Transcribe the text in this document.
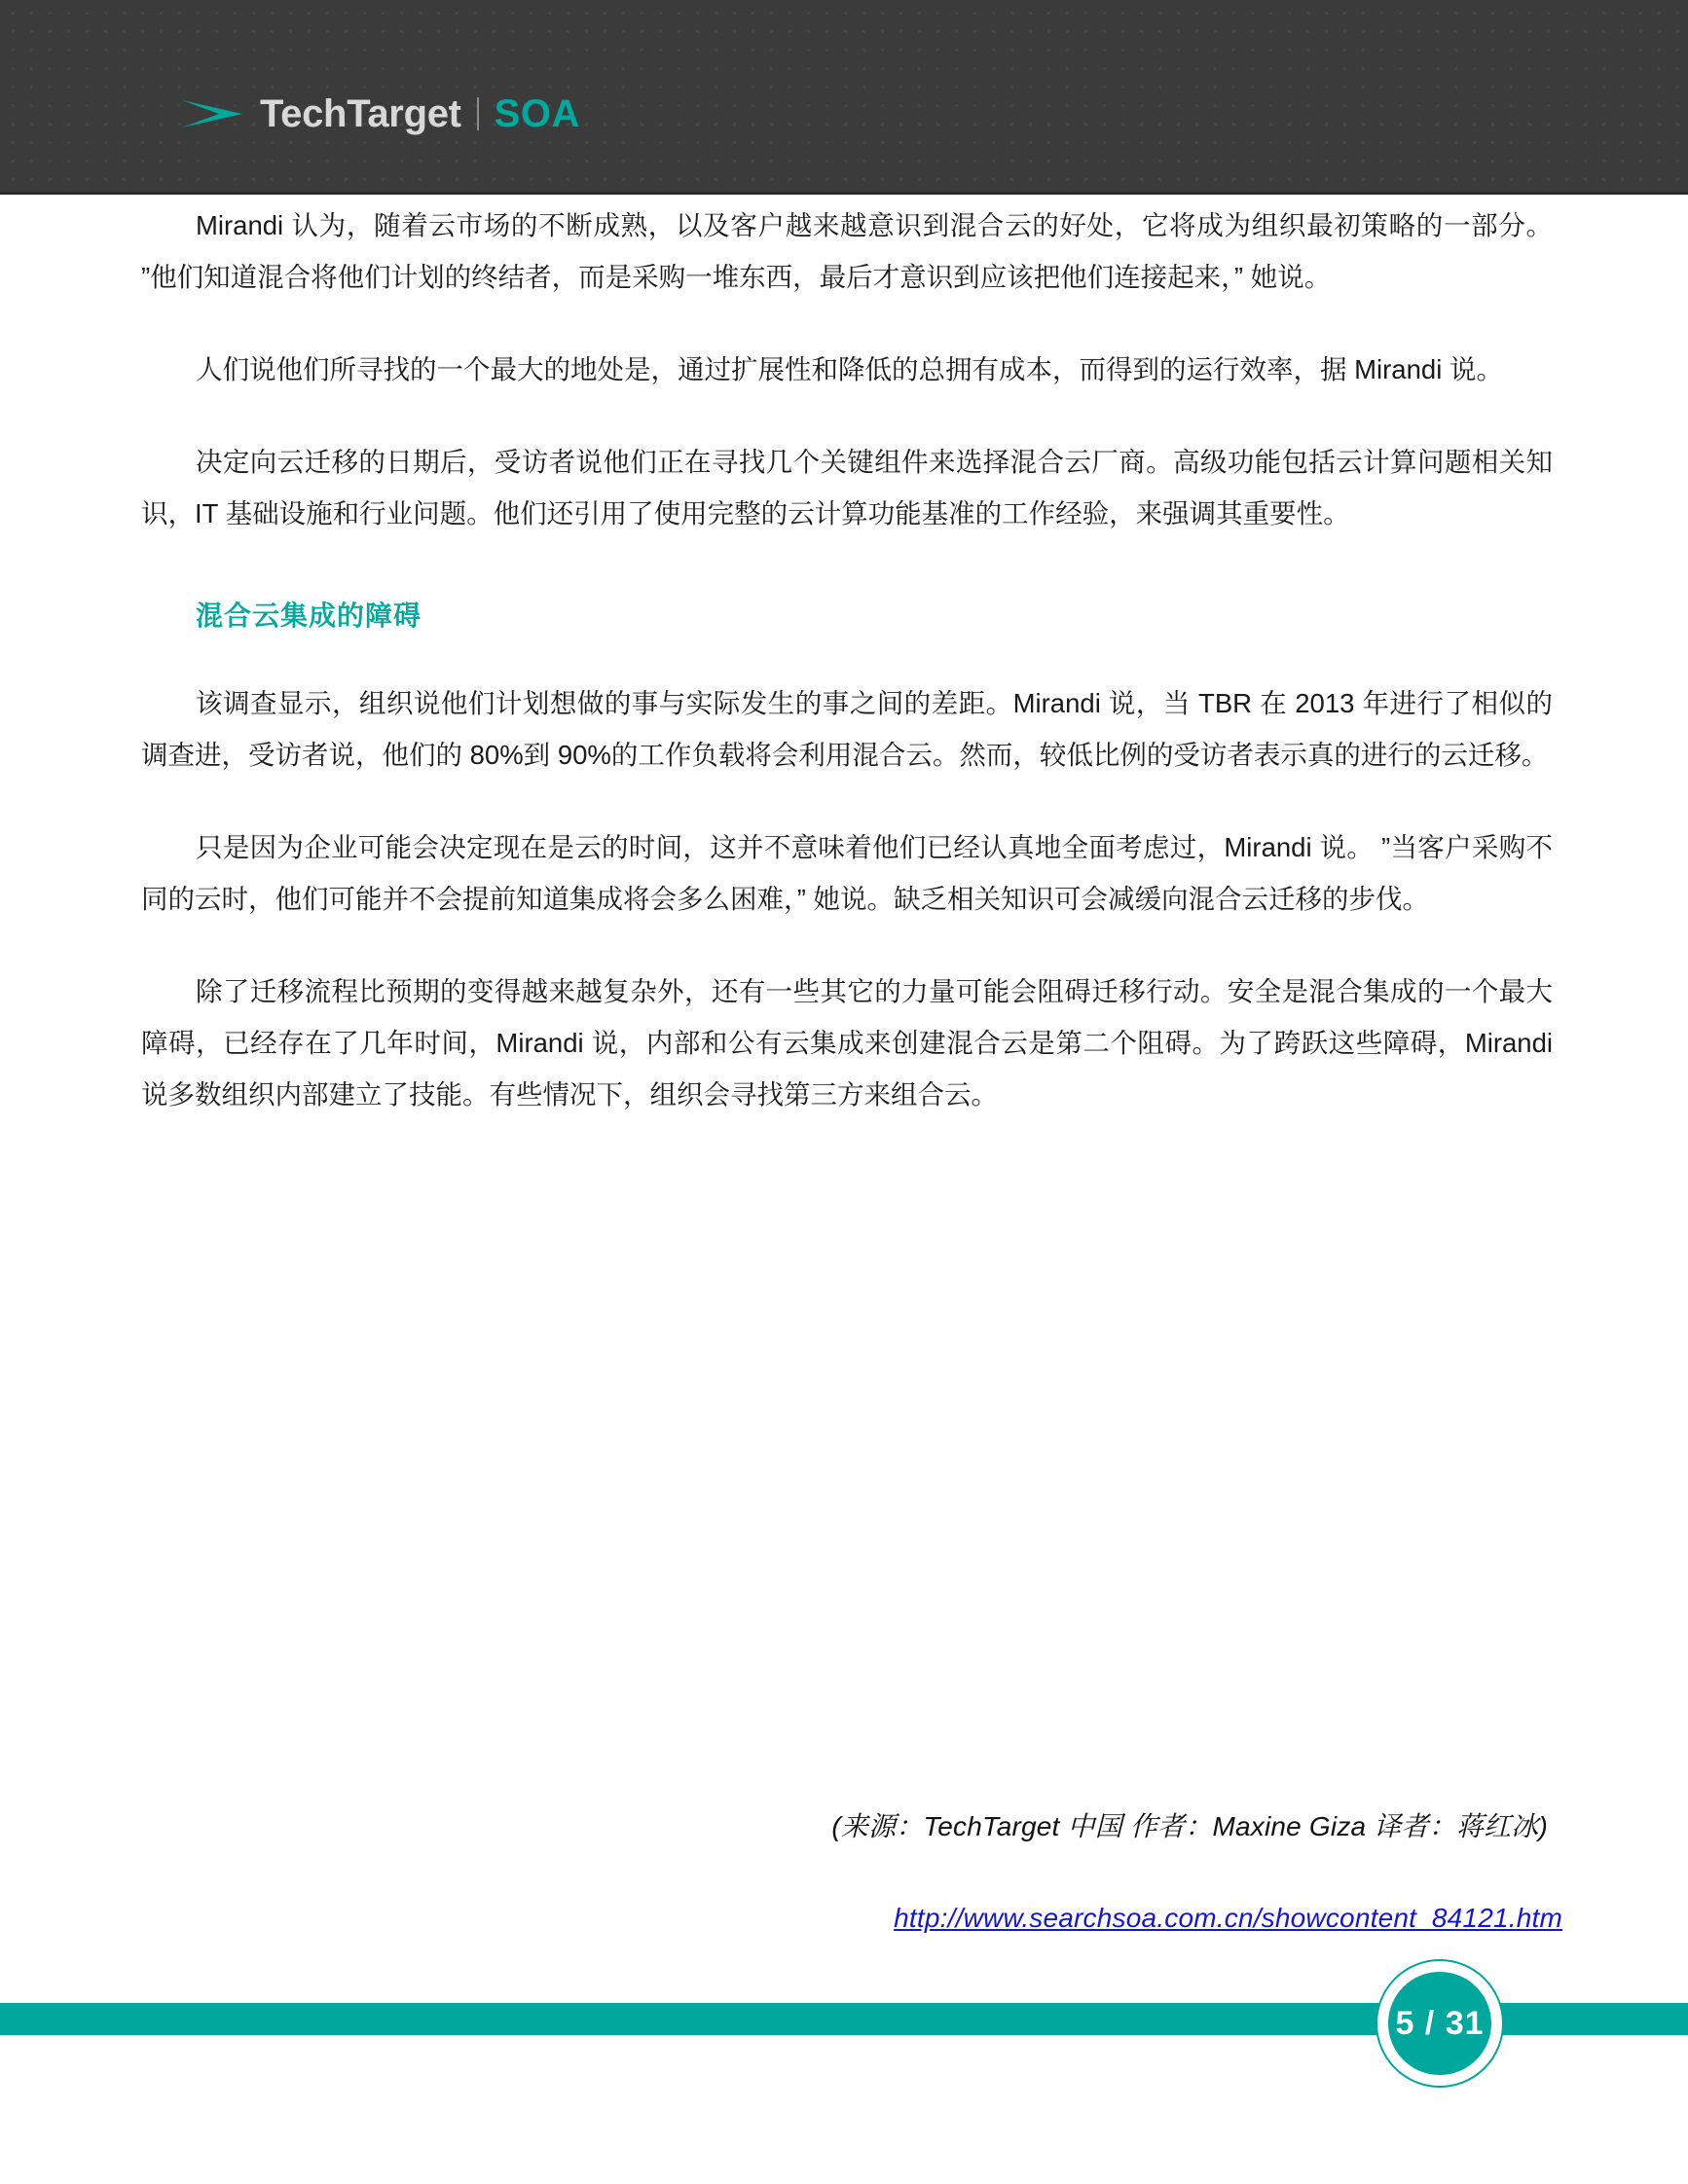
TechTarget SOA

Mirandi 认为，随着云市场的不断成熟，以及客户越来越意识到混合云的好处，它将成为组织最初策略的一部分。 ”他们知道混合将他们计划的终结者，而是采购一堆东西，最后才意识到应该把他们连接起来，” 她说。

人们说他们所寻找的一个最大的地处是，通过扩展性和降低的总拥有成本，而得到的运行效率，据 Mirandi 说。

决定向云迁移的日期后，受访者说他们正在寻找几个关键组件来选择混合云厂商。高级功能包括云计算问题相关知识，IT 基础设施和行业问题。他们还引用了使用完整的云计算功能基准的工作经验，来强调其重要性。

混合云集成的障碍

该调查显示，组织说他们计划想做的事与实际发生的事之间的差距。Mirandi 说，当 TBR 在 2013 年进行了相似的调查进，受访者说，他们的 80%到 90%的工作负载将会利用混合云。然而，较低比例的受访者表示真的进行的云迁移。

只是因为企业可能会决定现在是云的时间，这并不意味着他们已经认真地全面考虑过，Mirandi 说。 ”当客户采购不同的云时，他们可能并不会提前知道集成将会多么困难，” 她说。缺乏相关知识可会减缓向混合云迁移的步伐。

除了迁移流程比预期的变得越来越复杂外，还有一些其它的力量可能会阻碍迁移行动。安全是混合集成的一个最大障碍，已经存在了几年时间，Mirandi 说，内部和公有云集成来创建混合云是第二个阻碍。为了跨跃这些障碍，Mirandi 说多数组织内部建立了技能。有些情况下，组织会寻找第三方来组合云。

(来源：TechTarget 中国 作者：Maxine Giza 译者：蒋红冰)
http://www.searchsoa.com.cn/showcontent_84121.htm
5 / 31
